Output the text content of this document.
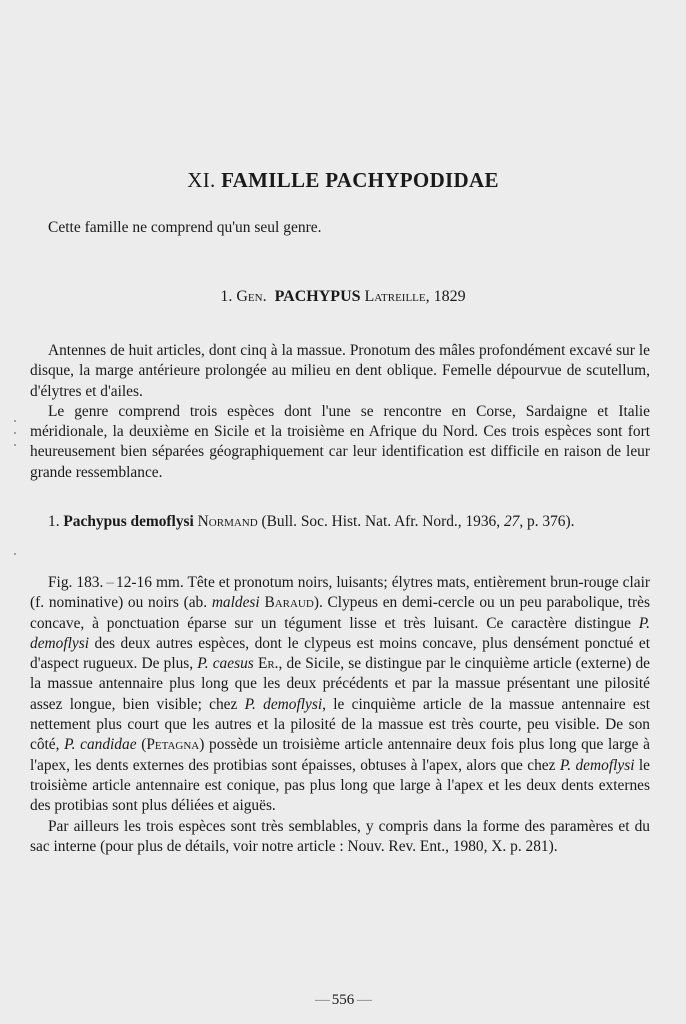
XI. FAMILLE PACHYPODIDAE
Cette famille ne comprend qu'un seul genre.
1. Gen. PACHYPUS Latreille, 1829

Antennes de huit articles, dont cinq à la massue. Pronotum des mâles profondément excavé sur le disque, la marge antérieure prolongée au milieu en dent oblique. Femelle dépourvue de scutellum, d'élytres et d'ailes.

Le genre comprend trois espèces dont l'une se rencontre en Corse, Sardaigne et Italie méridionale, la deuxième en Sicile et la troisième en Afrique du Nord. Ces trois espèces sont fort heureusement bien séparées géographiquement car leur identification est difficile en raison de leur grande ressemblance.

1. Pachypus demoflysi Normand (Bull. Soc. Hist. Nat. Afr. Nord., 1936, 27, p. 376).

Fig. 183. – 12-16 mm. Tête et pronotum noirs, luisants; élytres mats, entièrement brun-rouge clair (f. nominative) ou noirs (ab. maldesi Baraud). Clypeus en demi-cercle ou un peu parabolique, très concave, à ponctuation éparse sur un tégument lisse et très luisant. Ce caractère distingue P. demoflysi des deux autres espèces, dont le clypeus est moins concave, plus densément ponctué et d'aspect rugueux. De plus, P. caesus Er., de Sicile, se distingue par le cinquième article (externe) de la massue antennaire plus long que les deux précédents et par la massue présentant une pilosité assez longue, bien visible; chez P. demoflysi, le cinquième article de la massue antennaire est nettement plus court que les autres et la pilosité de la massue est très courte, peu visible. De son côté, P. candidae (Petagna) possède un troisième article antennaire deux fois plus long que large à l'apex, les dents externes des protibias sont épaisses, obtuses à l'apex, alors que chez P. demoflysi le troisième article antennaire est conique, pas plus long que large à l'apex et les deux dents externes des protibias sont plus déliées et aiguës.

Par ailleurs les trois espèces sont très semblables, y compris dans la forme des paramères et du sac interne (pour plus de détails, voir notre article : Nouv. Rev. Ent., 1980, X. p. 281).

— 556 —
